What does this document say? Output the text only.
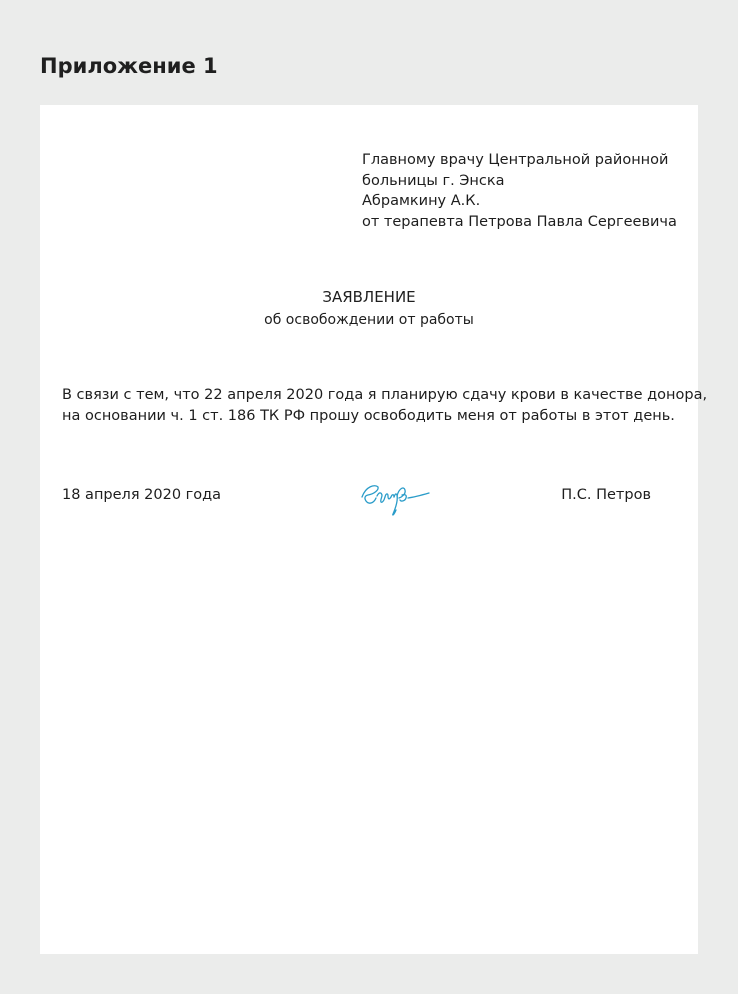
Приложение 1
Главному врачу Центральной районной
больницы г. Энска
Абрамкину А.К.
от терапевта Петрова Павла Сергеевича
ЗАЯВЛЕНИЕ
об освобождении от работы
В связи с тем, что 22 апреля 2020 года я планирую сдачу крови в качестве донора,
на основании ч. 1 ст. 186 ТК РФ прошу освободить меня от работы в этот день.
18 апреля 2020 года	П.С. Петров
